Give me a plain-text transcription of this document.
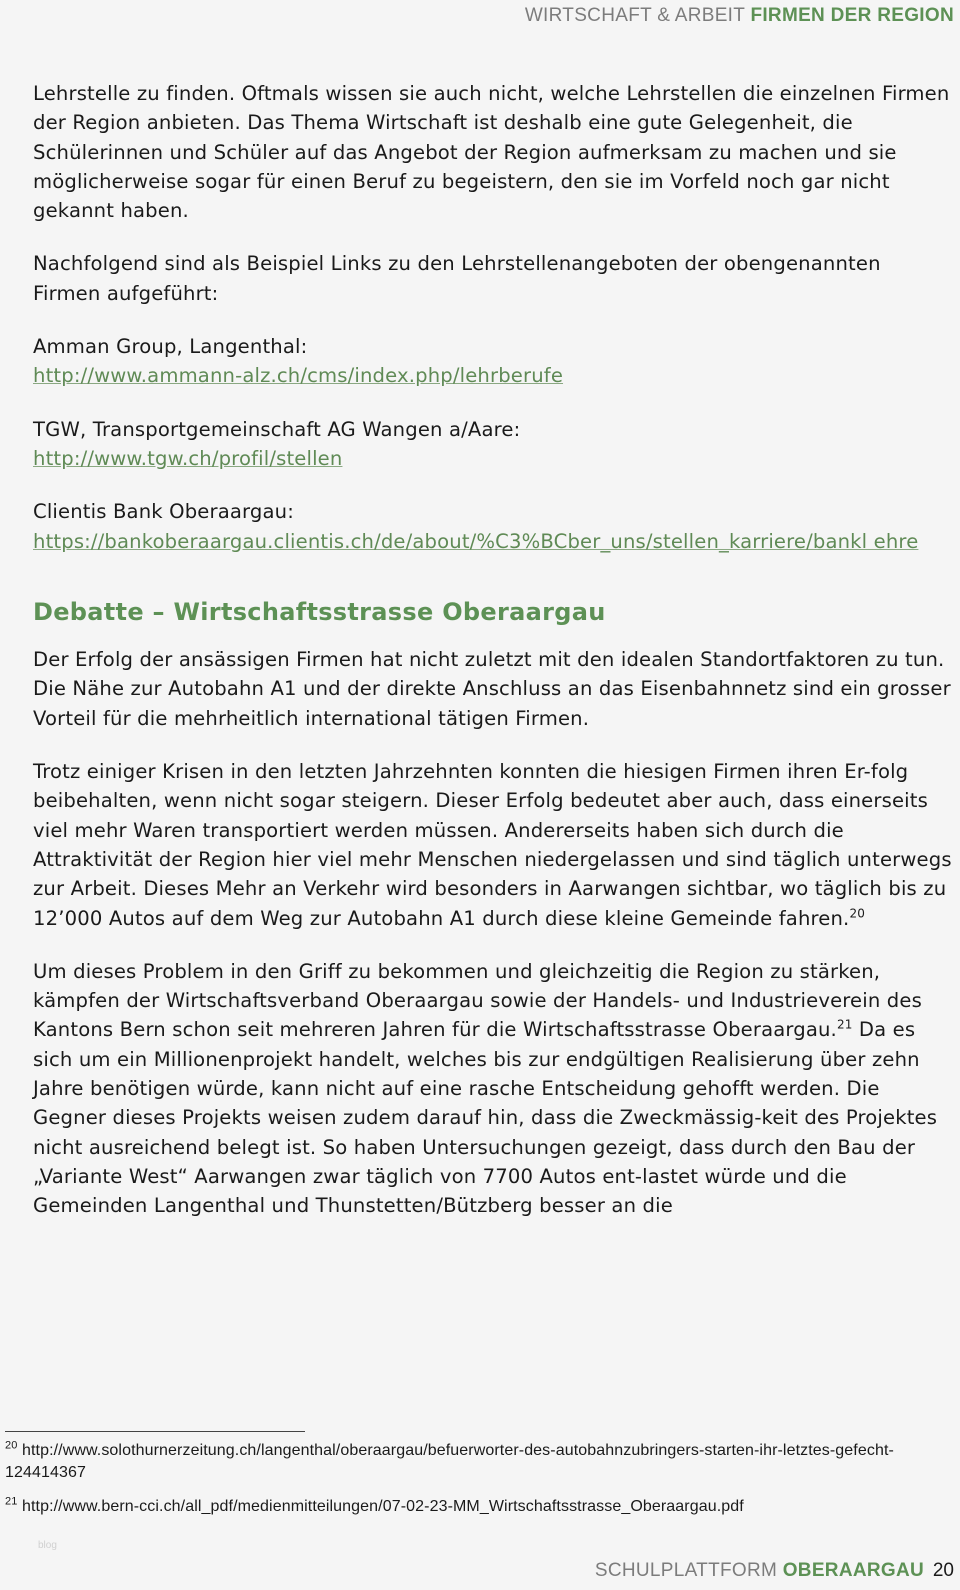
WIRTSCHAFT & ARBEIT FIRMEN DER REGION

Lehrstelle zu finden. Oftmals wissen sie auch nicht, welche Lehrstellen die einzelnen Firmen der Region anbieten. Das Thema Wirtschaft ist deshalb eine gute Gelegenheit, die Schülerinnen und Schüler auf das Angebot der Region aufmerksam zu machen und sie möglicherweise sogar für einen Beruf zu begeistern, den sie im Vorfeld noch gar nicht gekannt haben.

Nachfolgend sind als Beispiel Links zu den Lehrstellenangeboten der obengenannten Firmen aufgeführt:

Amman Group, Langenthal:

http://www.ammann-alz.ch/cms/index.php/lehrberufe

TGW, Transportgemeinschaft AG Wangen a/Aare:

http://www.tgw.ch/profil/stellen

Clientis Bank Oberaargau:

https://bankoberaargau.clientis.ch/de/about/%C3%BCber_uns/stellen_karriere/bankl ehre

Debatte – Wirtschaftsstrasse Oberaargau

Der Erfolg der ansässigen Firmen hat nicht zuletzt mit den idealen Standortfaktoren zu tun. Die Nähe zur Autobahn A1 und der direkte Anschluss an das Eisenbahnnetz sind ein grosser Vorteil für die mehrheitlich international tätigen Firmen.

Trotz einiger Krisen in den letzten Jahrzehnten konnten die hiesigen Firmen ihren Er-folg beibehalten, wenn nicht sogar steigern. Dieser Erfolg bedeutet aber auch, dass einerseits viel mehr Waren transportiert werden müssen. Andererseits haben sich durch die Attraktivität der Region hier viel mehr Menschen niedergelassen und sind täglich unterwegs zur Arbeit. Dieses Mehr an Verkehr wird besonders in Aarwangen sichtbar, wo täglich bis zu 12’000 Autos auf dem Weg zur Autobahn A1 durch diese kleine Gemeinde fahren.$^{20}$

Um dieses Problem in den Griff zu bekommen und gleichzeitig die Region zu stärken, kämpfen der Wirtschaftsverband Oberaargau sowie der Handels- und Industrieverein des Kantons Bern schon seit mehreren Jahren für die Wirtschaftsstrasse Oberaargau.$^{21}$ Da es sich um ein Millionenprojekt handelt, welches bis zur endgültigen Realisierung über zehn Jahre benötigen würde, kann nicht auf eine rasche Entscheidung gehofft werden. Die Gegner dieses Projekts weisen zudem darauf hin, dass die Zweckmässig-keit des Projektes nicht ausreichend belegt ist. So haben Untersuchungen gezeigt, dass durch den Bau der „Variante West“ Aarwangen zwar täglich von 7700 Autos ent-lastet würde und die Gemeinden Langenthal und Thunstetten/Bützberg besser an die

$^{20}$ http://www.solothurnerzeitung.ch/langenthal/oberaargau/befuerworter-des-autobahnzubringers-starten-ihr-letztes-gefecht-124414367
$^{21}$ http://www.bern-cci.ch/all_pdf/medienmitteilungen/07-02-23-MM_Wirtschaftsstrasse_Oberaargau.pdf
blog
SCHULPLATTFORM OBERAARGAU 20
